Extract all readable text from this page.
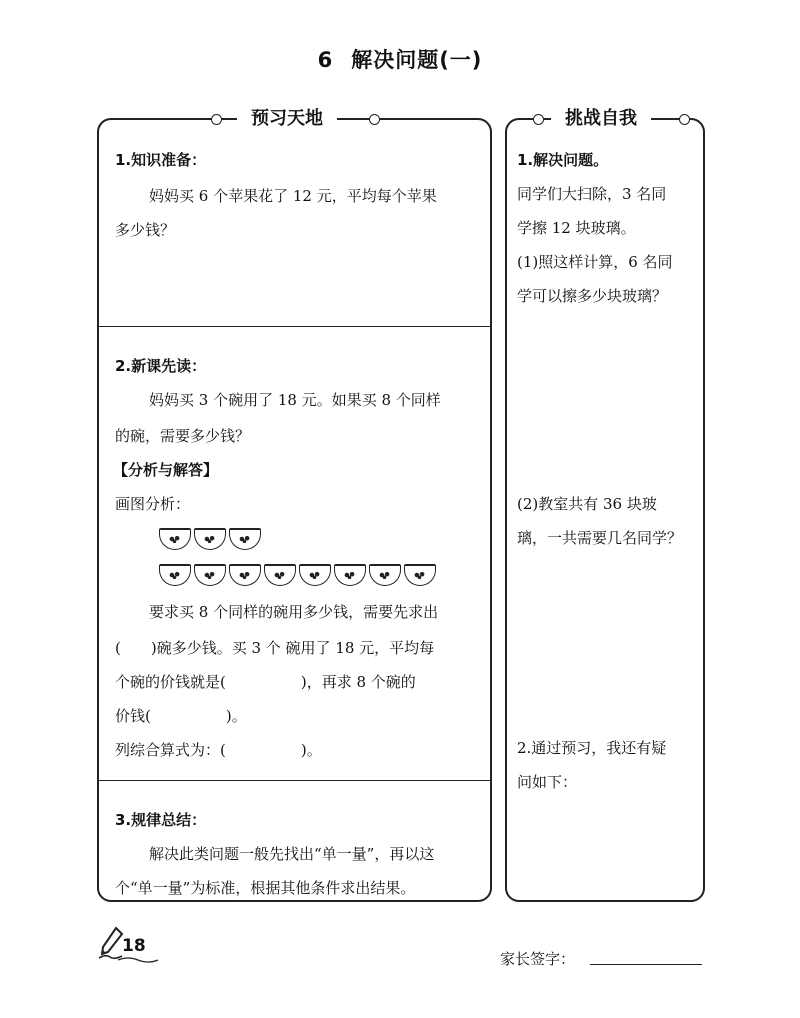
6 解决问题(一)
预习天地
1.知识准备：
妈妈买 6 个苹果花了 12 元，平均每个苹果
多少钱？
2.新课先读：
妈妈买 3 个碗用了 18 元。如果买 8 个同样
的碗，需要多少钱？
【分析与解答】
画图分析：
要求买 8 个同样的碗用多少钱，需要先求出
(　　)碗多少钱。买 3 个 碗用了 18 元，平均每
个碗的价钱就是(　　　　　)，再求 8 个碗的
价钱(　　　　　)。
列综合算式为：(　　　　　)。
3.规律总结：
解决此类问题一般先找出“单一量”，再以这
个“单一量”为标准，根据其他条件求出结果。
挑战自我
1.解决问题。
同学们大扫除，3 名同
学擦 12 块玻璃。
(1)照这样计算，6 名同
学可以擦多少块玻璃？
(2)教室共有 36 块玻
璃，一共需要几名同学？
2.通过预习，我还有疑
问如下：
18
家长签字：
